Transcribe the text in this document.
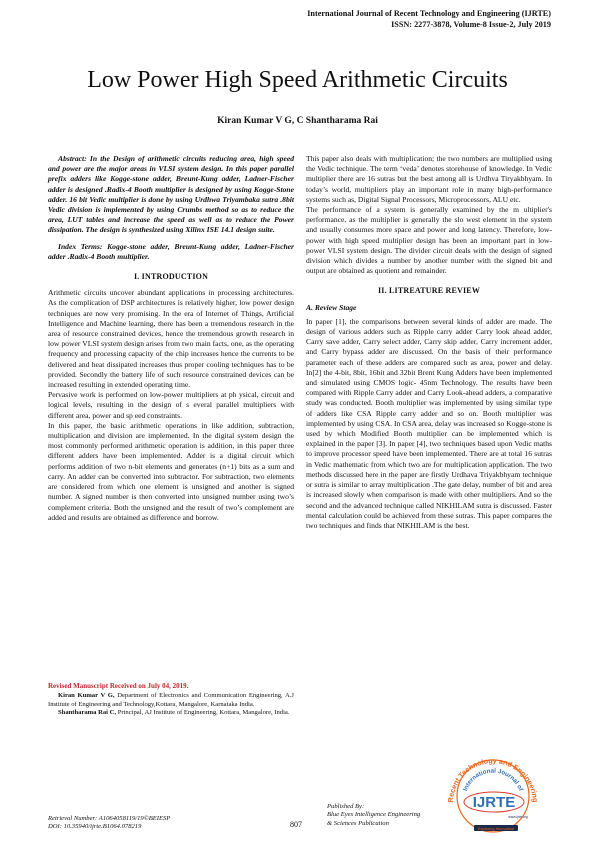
International Journal of Recent Technology and Engineering (IJRTE)
ISSN: 2277-3878, Volume-8 Issue-2, July 2019
Low Power High Speed Arithmetic Circuits
Kiran Kumar V G, C Shantharama Rai

Abstract: In the Design of arithmetic circuits reducing area, high speed and power are the major areas in VLSI system design. In this paper parallel prefix adders like Kogge-stone adder, Breunt-Kung adder, Ladner-Fischer adder is designed .Radix-4 Booth multiplier is designed by using Kogge-Stone adder. 16 bit Vedic multiplier is done by using Urdhwa Triyambaka sutra .8bit Vedic division is implemented by using Crumbs method so as to reduce the area, LUT tables and increase the speed as well as to reduce the Power dissipation. The design is synthesized using Xilinx ISE 14.1 design suite.

Index Terms: Kogge-stone adder, Breunt-Kung adder, Ladner-Fischer adder .Radix-4 Booth multiplier.

I. INTRODUCTION

Arithmetic circuits uncover abundant applications in processing architectures. As the complication of DSP architectures is relatively higher, low power design techniques are now very promising. In the era of Internet of Things, Artificial Intelligence and Machine learning, there has been a tremendous research in the area of resource constrained devices, hence the tremendous growth research in low power VLSI system design arises from two main facts, one, as the operating frequency and processing capacity of the chip increases hence the currents to be delivered and heat dissipated increases thus proper cooling techniques has to be provided. Secondly the battery life of such resource constrained devices can be increased resulting in extended operating time.
Pervasive work is performed on low-power multipliers at ph ysical, circuit and logical levels, resulting in the design of s everal parallel multipliers with different area, power and sp eed constraints.

In this paper, the basic arithmetic operations in like addition, subtraction, multiplication and division are implemented. In the digital system design the most commonly performed arithmetic operation is addition, in this paper three different adders have been implemented. Adder is a digital circuit which performs addition of two n-bit elements and generates (n+1) bits as a sum and carry. An adder can be converted into subtractor. For subtraction, two elements are considered from which one element is unsigned and another is signed number. A signed number is then converted into unsigned number using two’s complement criteria. Both the unsigned and the result of two’s complement are added and results are obtained as difference and borrow.

This paper also deals with multiplication; the two numbers are multiplied using the Vedic technique. The term ‘veda’ denotes storehouse of knowledge. In Vedic multiplier there are 16 sutras but the best among all is Urdhva Tiryakbhyam. In today’s world, multipliers play an important role in many high-performance systems such as, Digital Signal Processors, Microprocessors, ALU etc.
The performance of a system is generally examined by the m ultiplier's performance, as the multiplier is generally the slo west element in the system and usually consumes more space and power and long latency. Therefore, low-power with high speed multiplier design has been an important part in low-power VLSI system design. The divider circuit deals with the design of signed division which divides a number by another number with the signed bit and output are obtained as quotient and remainder.

II. LITREATURE REVIEW
A. Review Stage

In paper [1], the comparisons between several kinds of adder are made. The design of various adders such as Ripple carry adder Carry look ahead adder, Carry save adder, Carry select adder, Carry skip adder, Carry increment adder, and Carry bypass adder are discussed. On the basis of their performance parameter each of these adders are compared such as area, power and delay. In[2] the 4-bit, 8bit, 16bit and 32bit Brent Kung Adders have been implemented and simulated using CMOS logic- 45nm Technology. The results have been compared with Ripple Carry adder and Carry Look-ahead adders, a comparative study was conducted. Booth multiplier was implemented by using similar type of adders like CSA Ripple carry adder and so on. Booth multiplier was implemented by using CSA. In CSA area, delay was increased so Kogge-stone is used by which Modified Booth multiplier can be implemented which is explained in the paper [3]. In paper [4], two techniques based upon Vedic maths to improve processor speed have been implemented. There are at total 16 sutras in Vedic mathematic from which two are for multiplication application. The two methods discussed here in the paper are firstly Urdhava Triyakbhyam technique or sutra is similar to array multiplication .The gate delay, number of bit and area is increased slowly when comparison is made with other multipliers. And so the second and the advanced technique called NIKHILAM sutra is discussed. Faster mental calculation could be achieved from these sutras. This paper compares the two techniques and finds that NIKHILAM is the best.

Revised Manuscript Received on July 04, 2019.

Kiran Kumar V G, Department of Electronics and Communication Engineering, A.J Institute of Engineering and Technology,Kottara, Mangalore, Karnataka India.

Shantharama Rai C, Principal, AJ Institute of Engineering, Kottara, Mangalore, India.

Retrieval Number: A1064058119/19©BEIESP
DOI: 10.35940/ijrte.B1064.078219	807
Published By:
Blue Eyes Intelligence Engineering
& Sciences Publication
Recent Technology and Engineering
International Journal of
IJRTE
www.ijrte.org
Exploring Innovation
